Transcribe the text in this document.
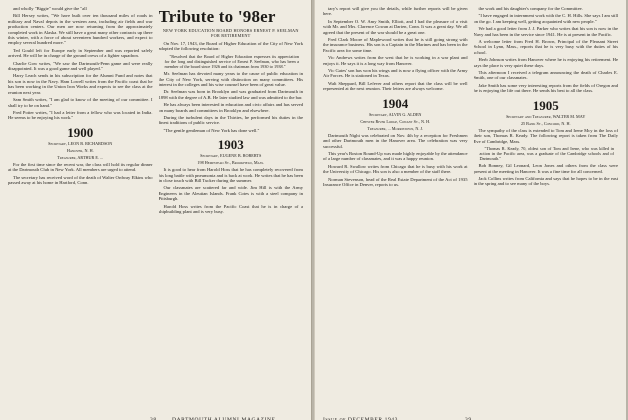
and wholly "Biggie" would give the "all

Bill Hersey writes, "We have built over ten thousand miles of roads in military and Naval depots in the western area, including air fields and war production centers. Our men are now returning from the approximately completed work in Alaska. We still have a great many other contracts up there this winter, with a force of about seventeen hundred workers, and expect to employ several hundred more."

Ted Gould left for Europe early in September and was reported safely arrived. He will be in charge of the ground crews of a fighter squadron.

Charlie Gow writes, "We saw the Dartmouth-Penn game and were really disappointed. It was a good game and well played."

Harry Leach sends in his subscription for the Alumni Fund and notes that his son is now in the Navy. Ham Lowell writes from the Pacific coast that he has been working in the Union Iron Works and expects to see the class at the reunion next year.

Sam Smith writes, "I am glad to know of the meeting of our committee. I shall try to be on hand."

Fred Potter writes, "I had a letter from a fellow who was located in India. He seems to be enjoying his work."

1900
Secretary, LEON B. RICHARDSON
Hanover, N. H.
Treasurer, ARTHUR E. ...

For the first time since the recent war, the class will hold its regular dinner at the Dartmouth Club in New York. All members are urged to attend.

The secretary has received word of the death of Walter Ordway Elkins who passed away at his home in Hartford, Conn.

Tribute to '98er
NEW YORK EDUCATION BOARD HONORS ERNEST P. SEELMAN FOR RETIREMENT

On Nov. 17, 1943, the Board of Higher Education of the City of New York adopted the following resolution:

"Resolved that the Board of Higher Education expresses its appreciation for the long and distinguished service of Ernest P. Seelman, who has been a member of the board since 1926 and its chairman from 1930 to 1938."

Mr. Seelman has devoted many years to the cause of public education in the City of New York, serving with distinction on many committees. His interest in the colleges and his wise counsel have been of great value.

Dr. Seelman was born in Brooklyn and was graduated from Dartmouth in 1898 with the degree of A.B. He later studied law and was admitted to the bar.

He has always been interested in education and civic affairs and has served on many boards and committees in Brooklyn and elsewhere.

During the turbulent days in the Thirties, he performed his duties in the finest traditions of public service.

"The gentle gentleman of New York has done well."

1903
Secretary, EUGENE B. ROBERTS
198 Hempstead St., Brookfield, Mass.

It is good to hear from Harold Hoss that he has completely recovered from his long battle with pneumonia and is back at work. He writes that he has been in close touch with Bill Tucker during the summer.

Our classmates are scattered far and wide. Jim Hill is with the Army Engineers in the Aleutian Islands. Frank Cotes is with a steel company in Pittsburgh.

Harold Hoss writes from the Pacific Coast that he is in charge of a shipbuilding plant and is very busy.

38	DARTMOUTH ALUMNI MAGAZINE

tary's report will give you the details, while further reports will be given here.

In September O. W. Amy Smith, Elliott, and I had the pleasure of a visit with Mr. and Mrs. Clarence Cowan at Darien, Conn. It was a great day. We all agreed that the present of the war should be a great one.

Fred Clark Moore of Maplewood writes that he is still going strong with the insurance business. His son is a Captain in the Marines and has been in the Pacific area for some time.

Vic Andrews writes from the west that he is working in a war plant and enjoys it. He says it is a long way from Hanover.

Vic Gates' son has won his wings and is now a flying officer with the Army Air Forces. He is stationed in Texas.

Walt Sheppard, Bill Lefever and others report that the class will be well represented at the next reunion. Their letters are always welcome.

1904
Secretary, ALVIN G. ALDEN
Chester River Lodge, Conant St., N. H.
Treasurer, ... Morristown, N. J.

Dartmouth Night was celebrated on Nov. 4th by a reception for Freshmen and other Dartmouth men in the Hanover area. The celebration was very successful.

This year's Boston Round-Up was made highly enjoyable by the attendance of a large number of classmates, and it was a happy reunion.

Howard R. Swallow writes from Chicago that he is busy with his work at the University of Chicago. His son is also a member of the staff there.

Norman Stevenson, head of the Real Estate Department of the Act of 1935 Insurance Office in Denver, reports to us.

the work and his daughter's company for the Committee.

"I have engaged in internment work with the C. H. Hills. She says I am still on the go. I am keeping well, getting acquainted with new people."

We had a good letter from J. J. Parker who writes that his son is now in the Navy and has been in the service since 1941. He is at present in the Pacific.

A welcome letter from Fred H. Brown, Principal of the Pleasant Street School in Lynn, Mass., reports that he is very busy with the duties of his school.

Herb Johnson writes from Hanover where he is enjoying his retirement. He says the place is very quiet these days.

This afternoon I received a telegram announcing the death of Charles E. Smith, one of our classmates.

Jake Smith has some very interesting reports from the fields of Oregon and he is enjoying the life out there. He sends his best to all the class.

1905
Secretary and Treasurer, WALTER M. MAY
25 Bank St., Concord, N. H.

The sympathy of the class is extended to Tom and Irene Mcy in the loss of their son, Thomas R. Keady. The following report is taken from The Daily Eve of Cambridge, Mass.

"Thomas R. Keady, 70, oldest son of Tom and Irene, who was killed in action in the Pacific area, was a graduate of the Cambridge schools and of Dartmouth."

Bob Bonney, Gil Leonard, Leon Jones and others from the class were present at the meeting in Hanover. It was a fine time for all concerned.

Jack Collins writes from California and says that he hopes to be in the east in the spring and to see many of the boys.

Issue of DECEMBER 1943	39
